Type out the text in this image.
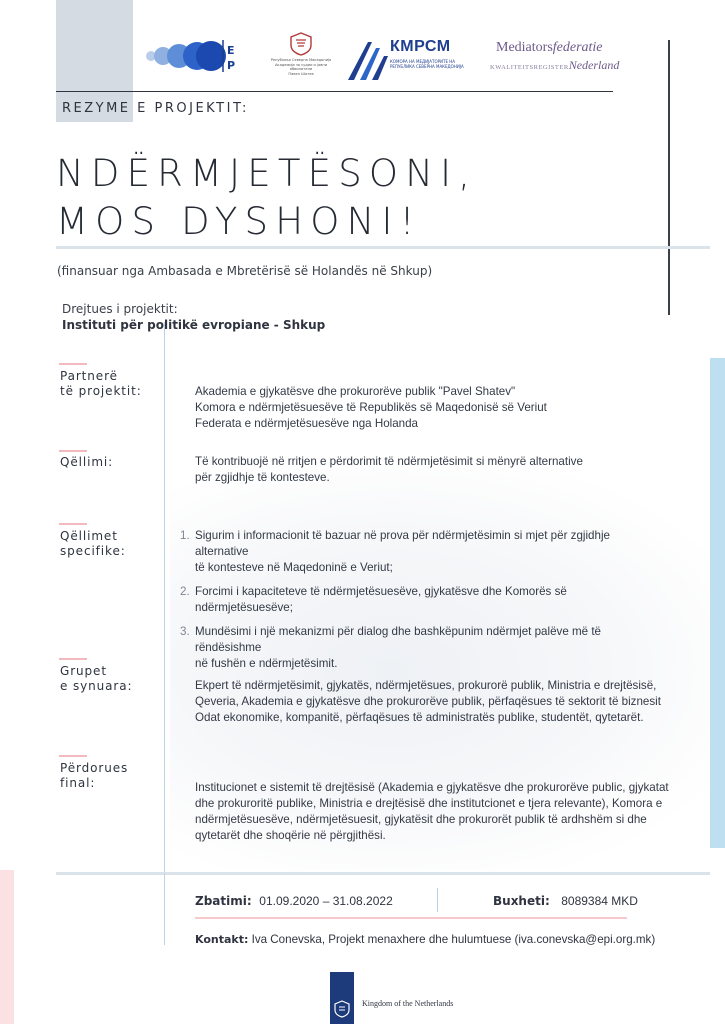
E
P	Република Северна Македонија
Академија за судии и јавни обвинители
Павел Шатев
КМРСМ
КОМОРА НА МЕДИЈАТОРИТЕ НА РЕПУБЛИКА СЕВЕРНА МАКЕДОНИЈА
Mediatorsfederatie
KWALITEITSREGISTERNederland
REZYME E PROJEKTIT:
NDËRMJETËSONI,
MOS DYSHONI!
(finansuar nga Ambasada e Mbretërisë së Holandës në Shkup)
Drejtues i projektit:
Instituti për politikë evropiane - Shkup
Partnerë
të projektit:	Akademia e gjykatësve dhe prokurorëve publik "Pavel Shatev"
Komora e ndërmjetësuesëve të Republikës së Maqedonisë së Veriut
Federata e ndërmjetësuesëve nga Holanda
Qëllimi:	Të kontribuojë në rritjen e përdorimit të ndërmjetësimit si mënyrë alternative
për zgjidhje të kontesteve.
Qëllimet
specifike:
1. Sigurim i informacionit të bazuar në prova për ndërmjetësimin si mjet për zgjidhje alternative
të kontesteve në Maqedoninë e Veriut;
2. Forcimi i kapaciteteve të ndërmjetësuesëve, gjykatësve dhe Komorës së ndërmjetësuesëve;
3. Mundësimi i një mekanizmi për dialog dhe bashkëpunim ndërmjet palëve më të rëndësishme
në fushën e ndërmjetësimit.
Grupet
e synuara:	Ekpert të ndërmjetësimit, gjykatës, ndërmjetësues, prokurorë publik, Ministria e drejtësisë,
Qeveria, Akademia e gjykatësve dhe prokurorëve publik, përfaqësues të sektorit të biznesit
Odat ekonomike, kompanitë, përfaqësues të administratës publike, studentët, qytetarët.
Përdorues
final:	Institucionet e sistemit të drejtësisë (Akademia e gjykatësve dhe prokurorëve public, gjykatat
dhe prokuroritë publike, Ministria e drejtësisë dhe institutcionet e tjera relevante), Komora e
ndërmjetësuesëve, ndërmjetësuesit, gjykatësit dhe prokurorët publik të ardhshëm si dhe
qytetarët dhe shoqërie në përgjithësi.
Zbatimi: 01.09.2020 – 31.08.2022	Buxheti: 8089384 MKD
Kontakt: Iva Conevska, Projekt menaxhere dhe hulumtuese (iva.conevska@epi.org.mk)
Kingdom of the Netherlands
